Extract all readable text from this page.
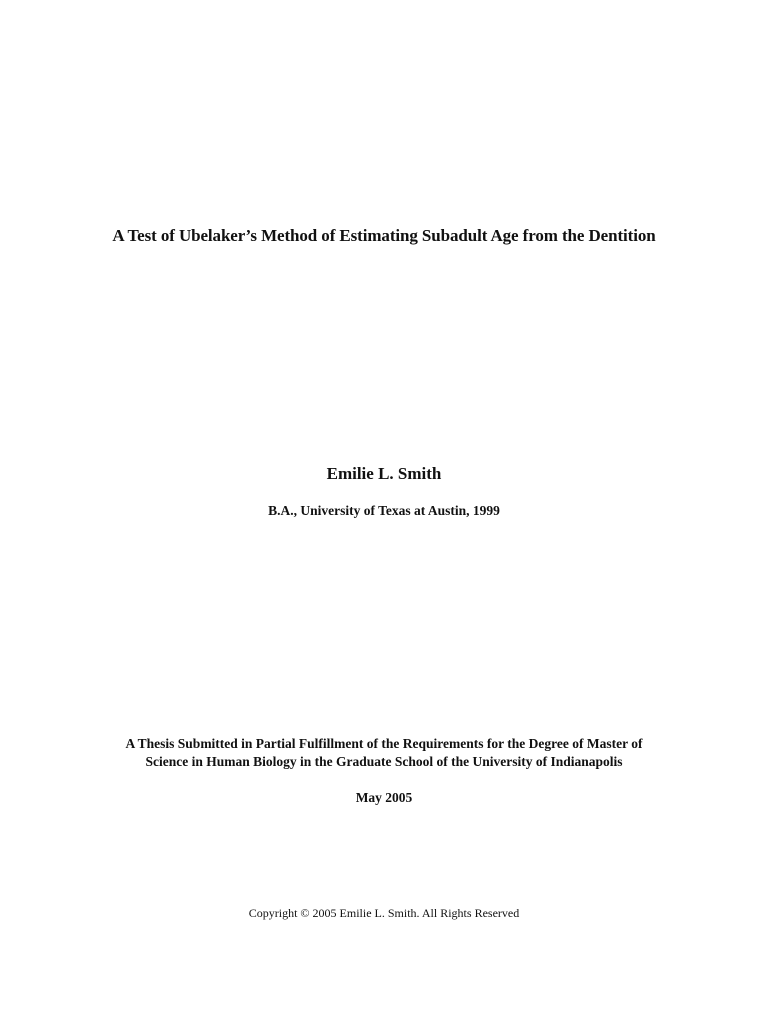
A Test of Ubelaker’s Method of Estimating Subadult Age from the Dentition
Emilie L. Smith
B.A., University of Texas at Austin, 1999
A Thesis Submitted in Partial Fulfillment of the Requirements for the Degree of Master of
Science in Human Biology in the Graduate School of the University of Indianapolis
May 2005
Copyright © 2005 Emilie L. Smith. All Rights Reserved
